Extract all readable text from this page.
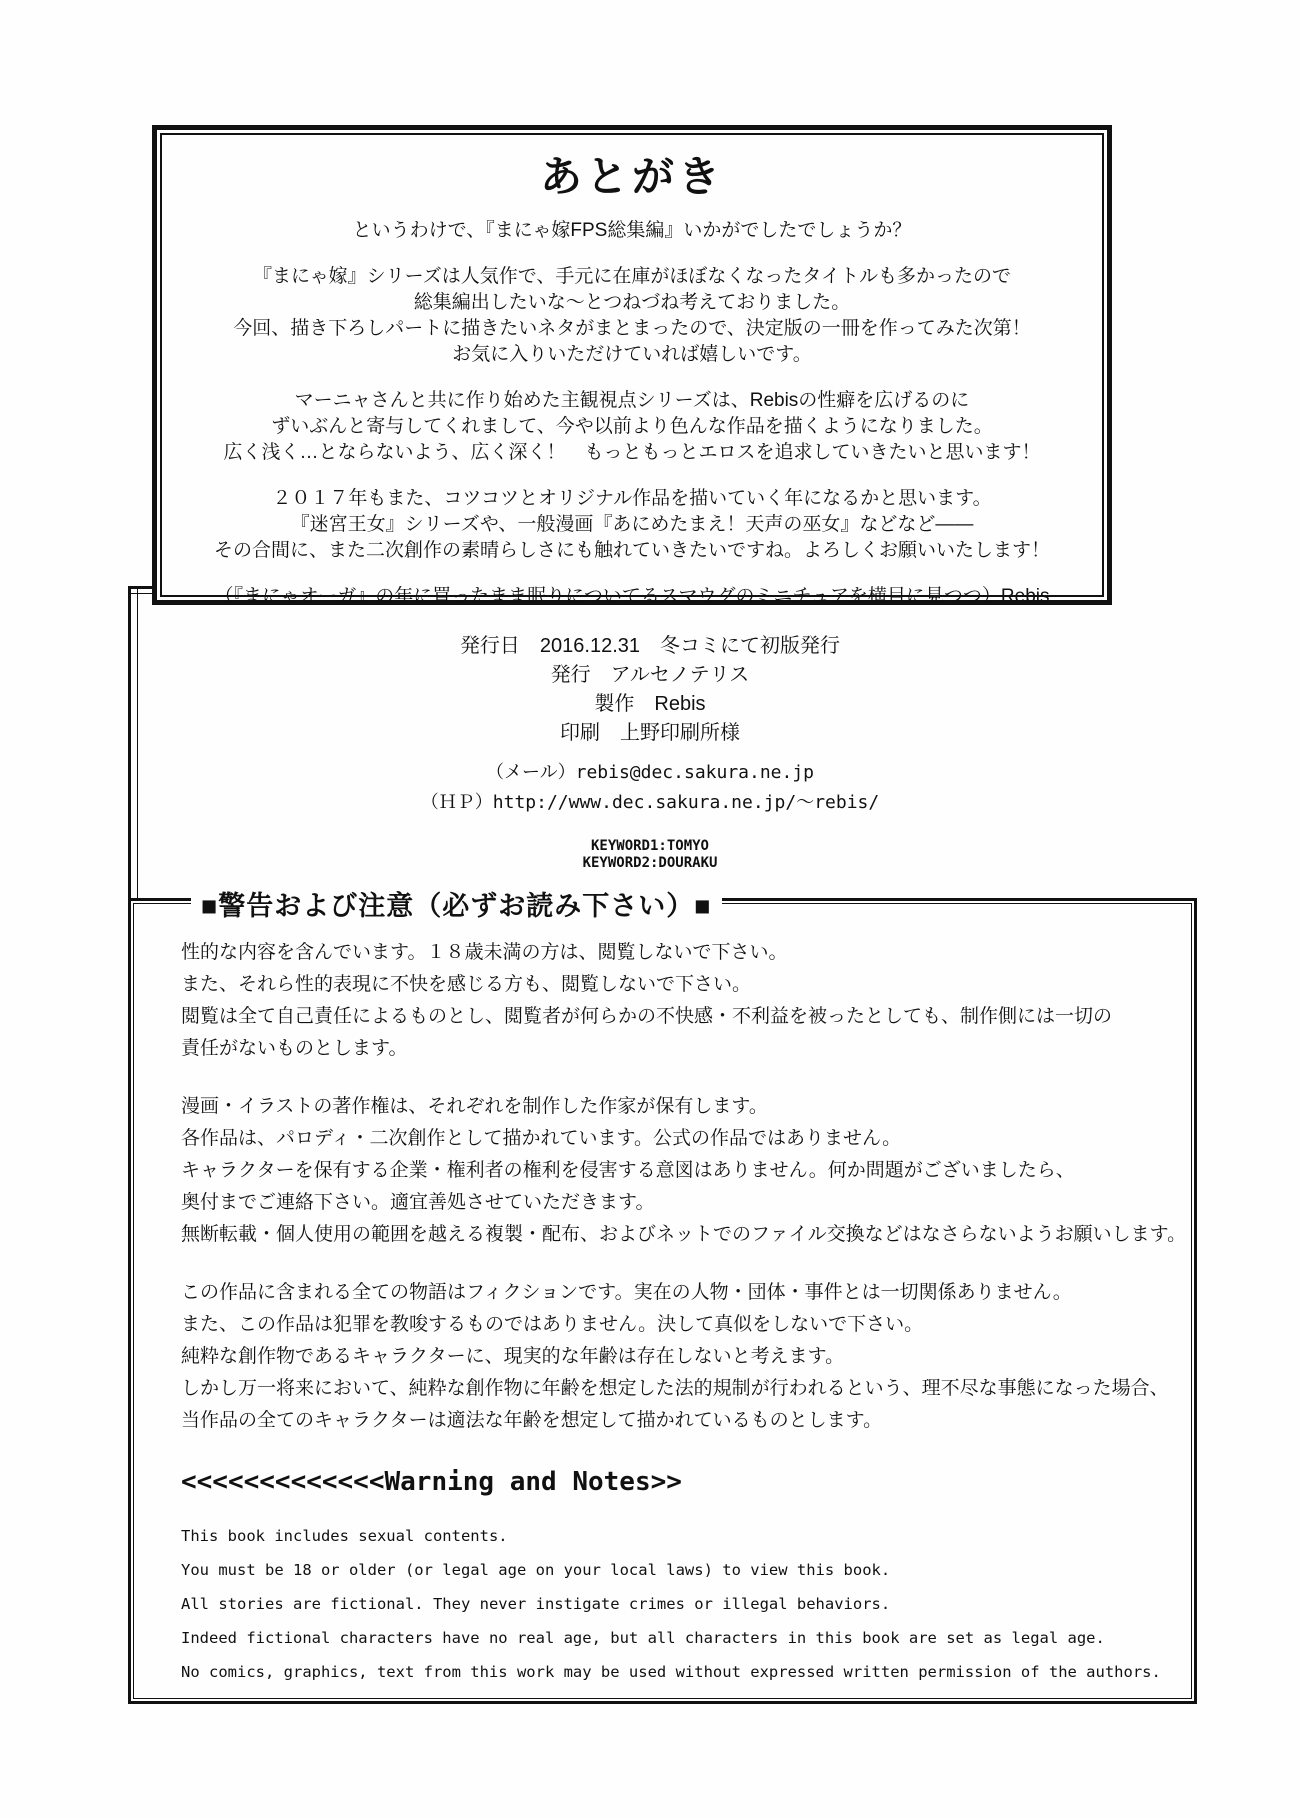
あとがき
というわけで、『まにゃ嫁FPS総集編』いかがでしたでしょうか？
『まにゃ嫁』シリーズは人気作で、手元に在庫がほぼなくなったタイトルも多かったので
総集編出したいな～とつねづね考えておりました。
今回、描き下ろしパートに描きたいネタがまとまったので、決定版の一冊を作ってみた次第！
お気に入りいただけていれば嬉しいです。
マーニャさんと共に作り始めた主観視点シリーズは、Rebisの性癖を広げるのに
ずいぶんと寄与してくれまして、今や以前より色んな作品を描くようになりました。
広く浅く…とならないよう、広く深く！　もっともっとエロスを追求していきたいと思います！
２０１７年もまた、コツコツとオリジナル作品を描いていく年になるかと思います。
『迷宮王女』シリーズや、一般漫画『あにめたまえ！天声の巫女』などなど――
その合間に、また二次創作の素晴らしさにも触れていきたいですね。よろしくお願いいたします！
（『まにゃオーガ』の年に買ったまま眠りについてるスマウグのミニチュアを横目に見つつ）Rebis
発行日　2016.12.31　冬コミにて初版発行
発行　アルセノテリス
製作　Rebis
印刷　上野印刷所様
（メール）rebis@dec.sakura.ne.jp
（ＨＰ）http://www.dec.sakura.ne.jp/～rebis/
KEYWORD1:TOMYO
KEYWORD2:DOURAKU
■警告および注意（必ずお読み下さい）■
性的な内容を含んでいます。１８歳未満の方は、閲覧しないで下さい。
また、それら性的表現に不快を感じる方も、閲覧しないで下さい。
閲覧は全て自己責任によるものとし、閲覧者が何らかの不快感・不利益を被ったとしても、制作側には一切の
責任がないものとします。
漫画・イラストの著作権は、それぞれを制作した作家が保有します。
各作品は、パロディ・二次創作として描かれています。公式の作品ではありません。
キャラクターを保有する企業・権利者の権利を侵害する意図はありません。何か問題がございましたら、
奥付までご連絡下さい。適宜善処させていただきます。
無断転載・個人使用の範囲を越える複製・配布、およびネットでのファイル交換などはなさらないようお願いします。
この作品に含まれる全ての物語はフィクションです。実在の人物・団体・事件とは一切関係ありません。
また、この作品は犯罪を教唆するものではありません。決して真似をしないで下さい。
純粋な創作物であるキャラクターに、現実的な年齢は存在しないと考えます。
しかし万一将来において、純粋な創作物に年齢を想定した法的規制が行われるという、理不尽な事態になった場合、
当作品の全てのキャラクターは適法な年齢を想定して描かれているものとします。
<<<<<<<<<<<<<Warning and Notes>>
This book includes sexual contents.
You must be 18 or older (or legal age on your local laws) to view this book.
All stories are fictional. They never instigate crimes or illegal behaviors.
Indeed fictional characters have no real age, but all characters in this book are set as legal age.
No comics, graphics, text from this work may be used without expressed written permission of the authors.
